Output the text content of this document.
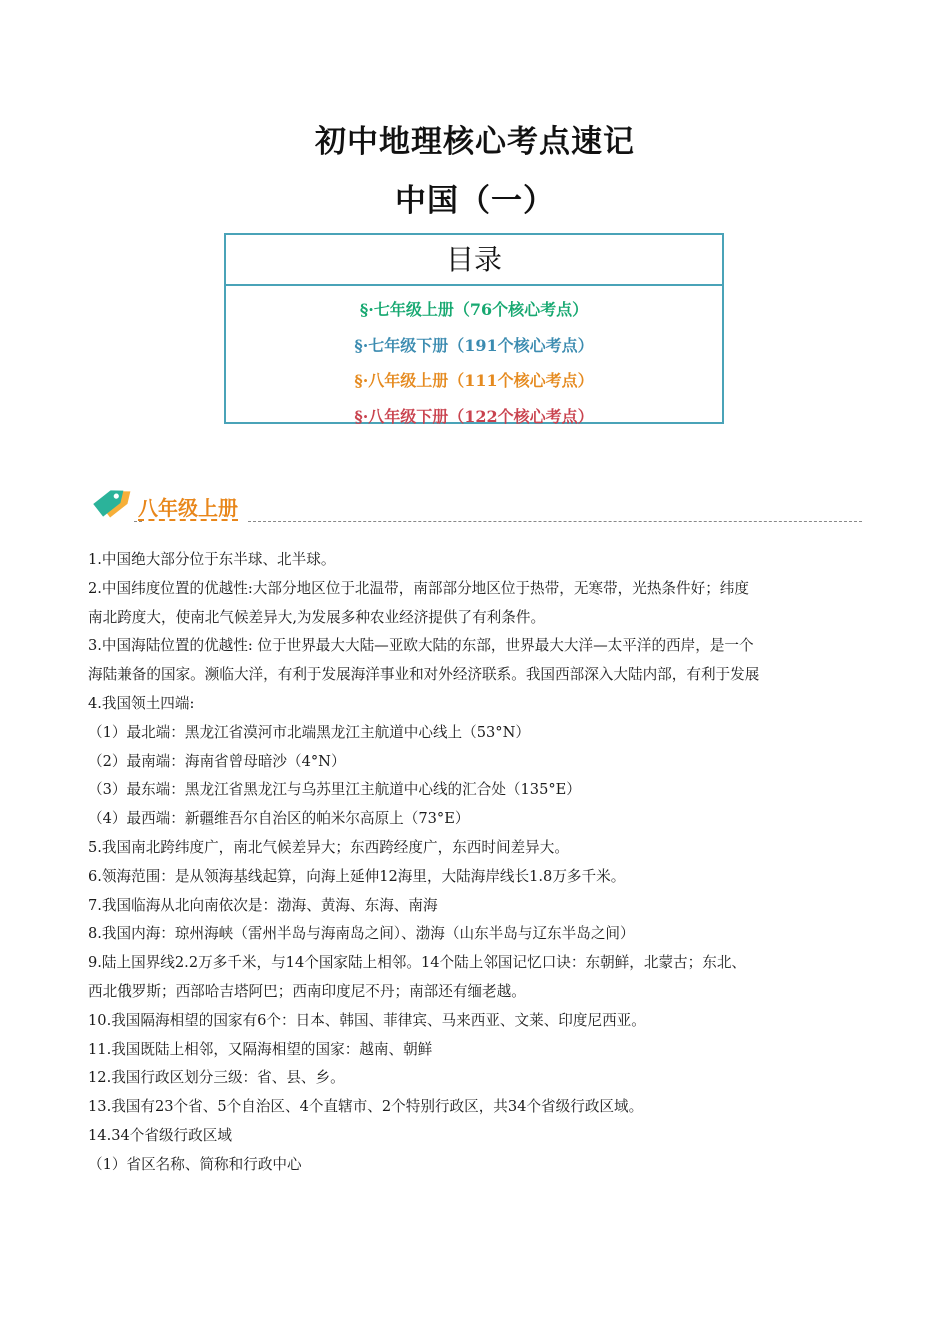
初中地理核心考点速记
中国（一）
目录
§·七年级上册（76个核心考点）
§·七年级下册（191个核心考点）
§·八年级上册（111个核心考点）
§·八年级下册（122个核心考点）
八年级上册

1.中国绝大部分位于东半球、北半球。

2.中国纬度位置的优越性:大部分地区位于北温带，南部部分地区位于热带，无寒带，光热条件好；纬度

南北跨度大，使南北气候差异大,为发展多种农业经济提供了有利条件。

3.中国海陆位置的优越性: 位于世界最大大陆—亚欧大陆的东部，世界最大大洋—太平洋的西岸，是一个

海陆兼备的国家。濒临大洋，有利于发展海洋事业和对外经济联系。我国西部深入大陆内部，有利于发展

4.我国领土四端:

（1）最北端：黑龙江省漠河市北端黑龙江主航道中心线上（53°N）

（2）最南端：海南省曾母暗沙（4°N）

（3）最东端：黑龙江省黑龙江与乌苏里江主航道中心线的汇合处（135°E）

（4）最西端：新疆维吾尔自治区的帕米尔高原上（73°E）

5.我国南北跨纬度广，南北气候差异大；东西跨经度广，东西时间差异大。

6.领海范围：是从领海基线起算，向海上延伸12海里，大陆海岸线长1.8万多千米。

7.我国临海从北向南依次是：渤海、黄海、东海、南海

8.我国内海：琼州海峡（雷州半岛与海南岛之间）、渤海（山东半岛与辽东半岛之间）

9.陆上国界线2.2万多千米，与14个国家陆上相邻。14个陆上邻国记忆口诀：东朝鲜，北蒙古；东北、

西北俄罗斯；西部哈吉塔阿巴；西南印度尼不丹；南部还有缅老越。

10.我国隔海相望的国家有6个：日本、韩国、菲律宾、马来西亚、文莱、印度尼西亚。

11.我国既陆上相邻，又隔海相望的国家：越南、朝鲜

12.我国行政区划分三级：省、县、乡。

13.我国有23个省、5个自治区、4个直辖市、2个特别行政区，共34个省级行政区域。

14.34个省级行政区域

（1）省区名称、简称和行政中心
